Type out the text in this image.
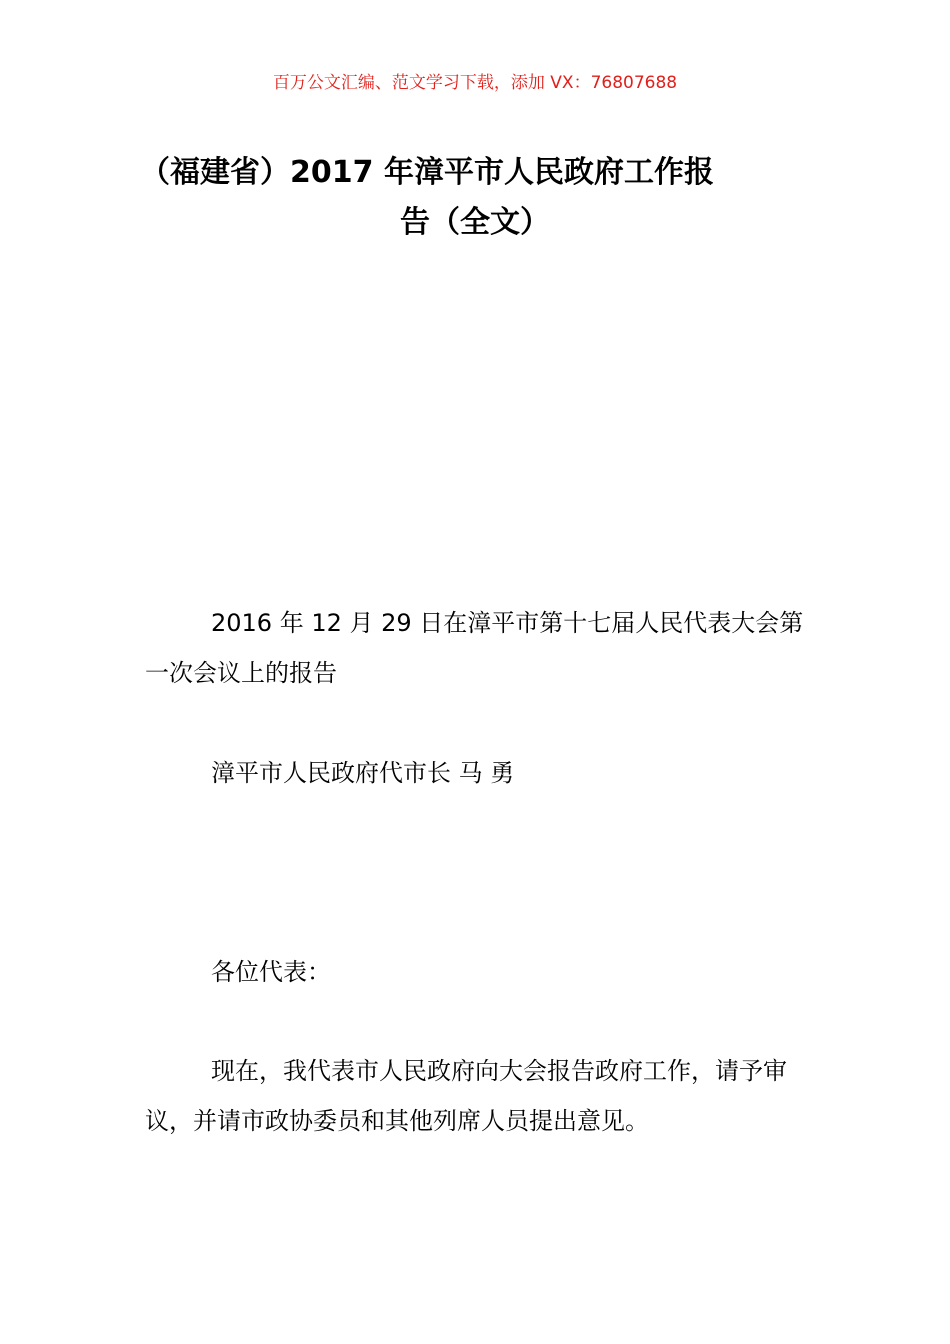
百万公文汇编、范文学习下载，添加 VX：76807688
（福建省）2017 年漳平市人民政府工作报
告（全文）
2016 年 12 月 29 日在漳平市第十七届人民代表大会第一次会议上的报告
漳平市人民政府代市长 马 勇
各位代表：
现在，我代表市人民政府向大会报告政府工作，请予审议，并请市政协委员和其他列席人员提出意见。
